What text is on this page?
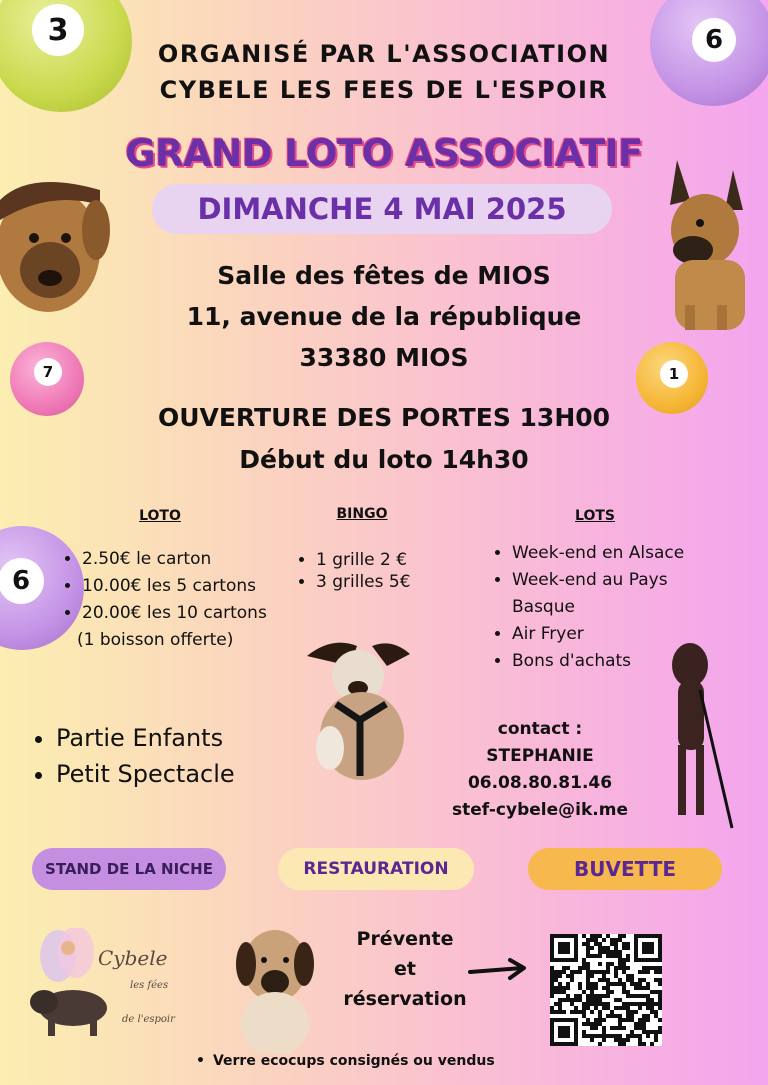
3	6
7	1
6
ORGANISÉ PAR L'ASSOCIATION
CYBELE LES FEES DE L'ESPOIR
GRAND LOTO ASSOCIATIF
DIMANCHE 4 MAI 2025
Salle des fêtes de MIOS
11, avenue de la république
33380 MIOS
OUVERTURE DES PORTES 13H00
Début du loto 14h30
LOTO
• 2.50€ le carton
• 10.00€ les 5 cartons
• 20.00€ les 10 cartons
(1 boisson offerte)
BINGO
• 1 grille 2 €
• 3 grilles 5€
LOTS
• Week-end en Alsace
• Week-end au Pays Basque
• Air Fryer
• Bons d'achats
• Partie Enfants
• Petit Spectacle
contact :
STEPHANIE
06.08.80.81.46
stef-cybele@ik.me
STAND DE LA NICHE	RESTAURATION	BUVETTE
Cybele
les fées
de l'espoir
Prévente
et
réservation
• Verre ecocups consignés ou vendus
